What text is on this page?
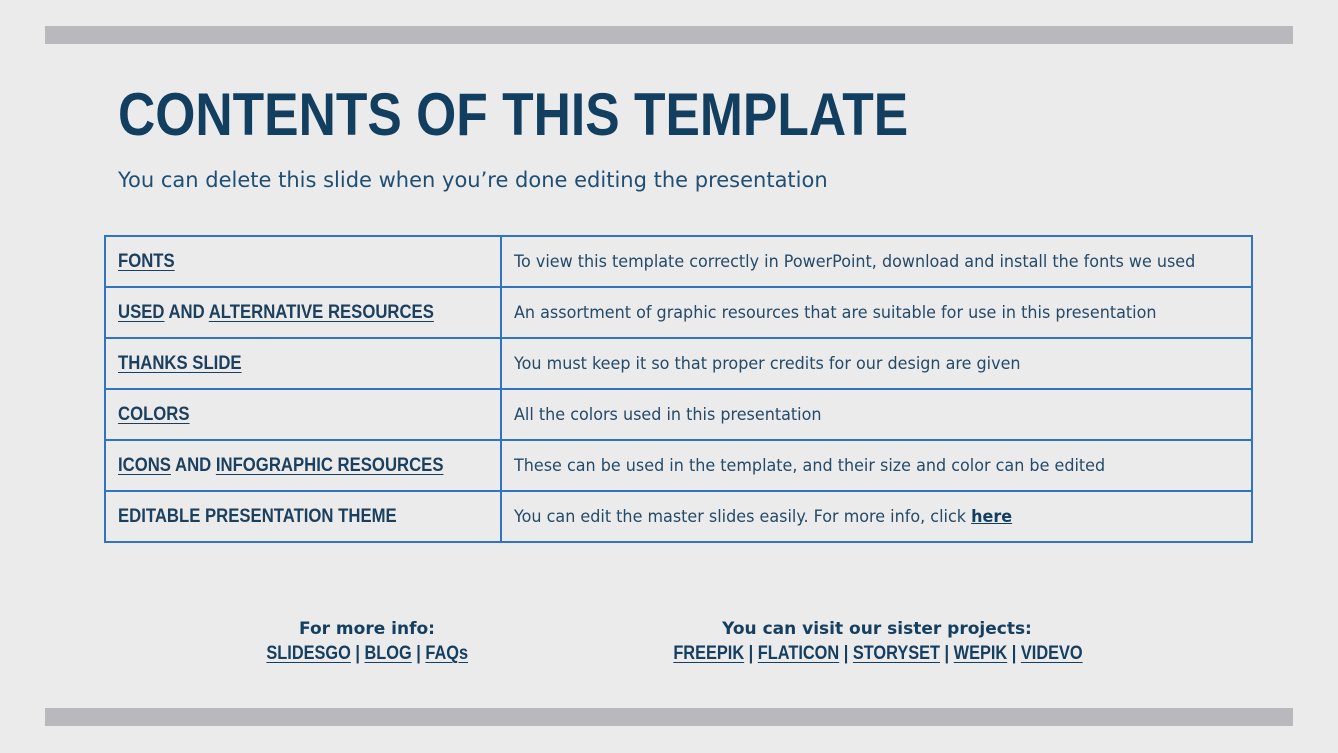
CONTENTS OF THIS TEMPLATE

You can delete this slide when you’re done editing the presentation

FONTS	To view this template correctly in PowerPoint, download and install the fonts we used
USED AND ALTERNATIVE RESOURCES	An assortment of graphic resources that are suitable for use in this presentation
THANKS SLIDE	You must keep it so that proper credits for our design are given
COLORS	All the colors used in this presentation
ICONS AND INFOGRAPHIC RESOURCES	These can be used in the template, and their size and color can be edited
EDITABLE PRESENTATION THEME	You can edit the master slides easily. For more info, click here
For more info:
SLIDESGO | BLOG | FAQs
You can visit our sister projects:
FREEPIK | FLATICON | STORYSET | WEPIK | VIDEVO
